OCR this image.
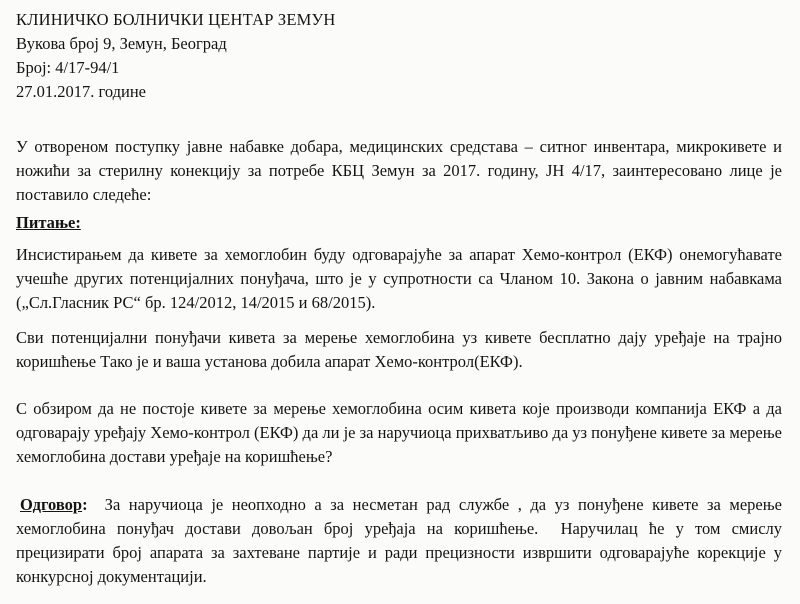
КЛИНИЧКО БОЛНИЧКИ ЦЕНТАР ЗЕМУН
Вукова број 9, Земун, Београд
Број: 4/17-94/1
27.01.2017. године
У отвореном поступку јавне набавке добара, медицинских средстава – ситног инвентара, микрокивете и ножићи за стерилну конекцију за потребе КБЦ Земун за 2017. годину, ЈН 4/17, заинтересовано лице је поставило следеће:
Питање:
Инсистирањем да кивете за хемоглобин буду одговарајуће за апарат Хемо-контрол (ЕКФ) онемогућавате учешће других потенцијалних понуђача, што је у супротности са Чланом 10. Закона о јавним набавкама („Сл.Гласник РС“ бр. 124/2012, 14/2015 и 68/2015).
Сви потенцијални понуђачи кивета за мерење хемоглобина уз кивете бесплатно дају уређаје на трајно коришћење Тако је и ваша установа добила апарат Хемо-контрол(ЕКФ).
С обзиром да не постоје кивете за мерење хемоглобина осим кивета које производи компанија ЕКФ а да одговарају уређају Хемо-контрол (ЕКФ) да ли је за наручиоца прихватљиво да уз понуђене кивете за мерење хемоглобина достави уређаје на коришћење?
Одговор:  За наручиоца је неопходно а за несметан рад службе , да уз понуђене кивете за мерење хемоглобина понуђач достави довољан број уређаја на коришћење.  Наручилац ће у том смислу прецизирати број апарата за захтеване партије и ради прецизности извршити одговарајуће корекције у конкурсној документацији.
